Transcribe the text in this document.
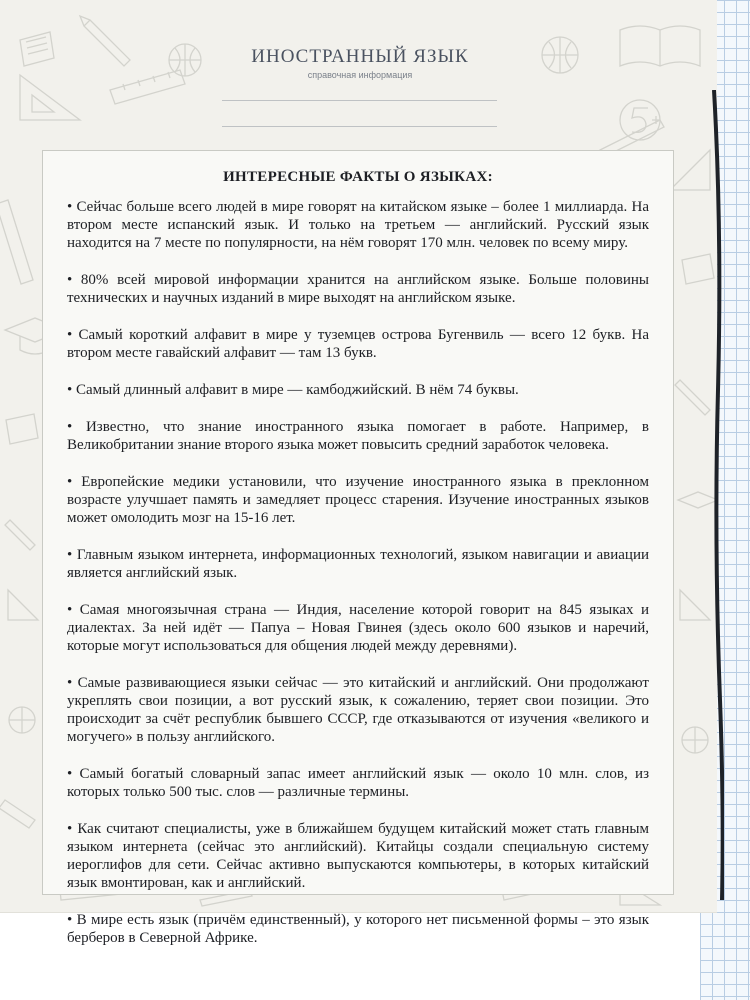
ИНОСТРАННЫЙ ЯЗЫК
справочная информация
ИНТЕРЕСНЫЕ ФАКТЫ О ЯЗЫКАХ:

• Сейчас больше всего людей в мире говорят на китайском языке – более 1 миллиарда. На втором месте испанский язык. И только на третьем — английский. Русский язык находится на 7 месте по популярности, на нём говорят 170 млн. человек по всему миру.

• 80% всей мировой информации хранится на английском языке. Больше половины технических и научных изданий в мире выходят на английском языке.

• Самый короткий алфавит в мире у туземцев острова Бугенвиль — всего 12 букв. На втором месте гавайский алфавит — там 13 букв.

• Самый длинный алфавит в мире — камбоджийский. В нём 74 буквы.

• Известно, что знание иностранного языка помогает в работе. Например, в Великобритании знание второго языка может повысить средний заработок человека.

• Европейские медики установили, что изучение иностранного языка в преклонном возрасте улучшает память и замедляет процесс старения. Изучение иностранных языков может омолодить мозг на 15-16 лет.

• Главным языком интернета, информационных технологий, языком навигации и авиации является английский язык.

• Самая многоязычная страна — Индия, население которой говорит на 845 языках и диалектах. За ней идёт — Папуа – Новая Гвинея (здесь около 600 языков и наречий, которые могут использоваться для общения людей между деревнями).

• Самые развивающиеся языки сейчас — это китайский и английский. Они продолжают укреплять свои позиции, а вот русский язык, к сожалению, теряет свои позиции. Это происходит за счёт республик бывшего СССР, где отказываются от изучения «великого и могучего» в пользу английского.

• Самый богатый словарный запас имеет английский язык — около 10 млн. слов, из которых только 500 тыс. слов — различные термины.

• Как считают специалисты, уже в ближайшем будущем китайский может стать главным языком интернета (сейчас это английский). Китайцы создали специальную систему иероглифов для сети. Сейчас активно выпускаются компьютеры, в которых китайский язык вмонтирован, как и английский.

• В мире есть язык (причём единственный), у которого нет письменной формы – это язык берберов в Северной Африке.
